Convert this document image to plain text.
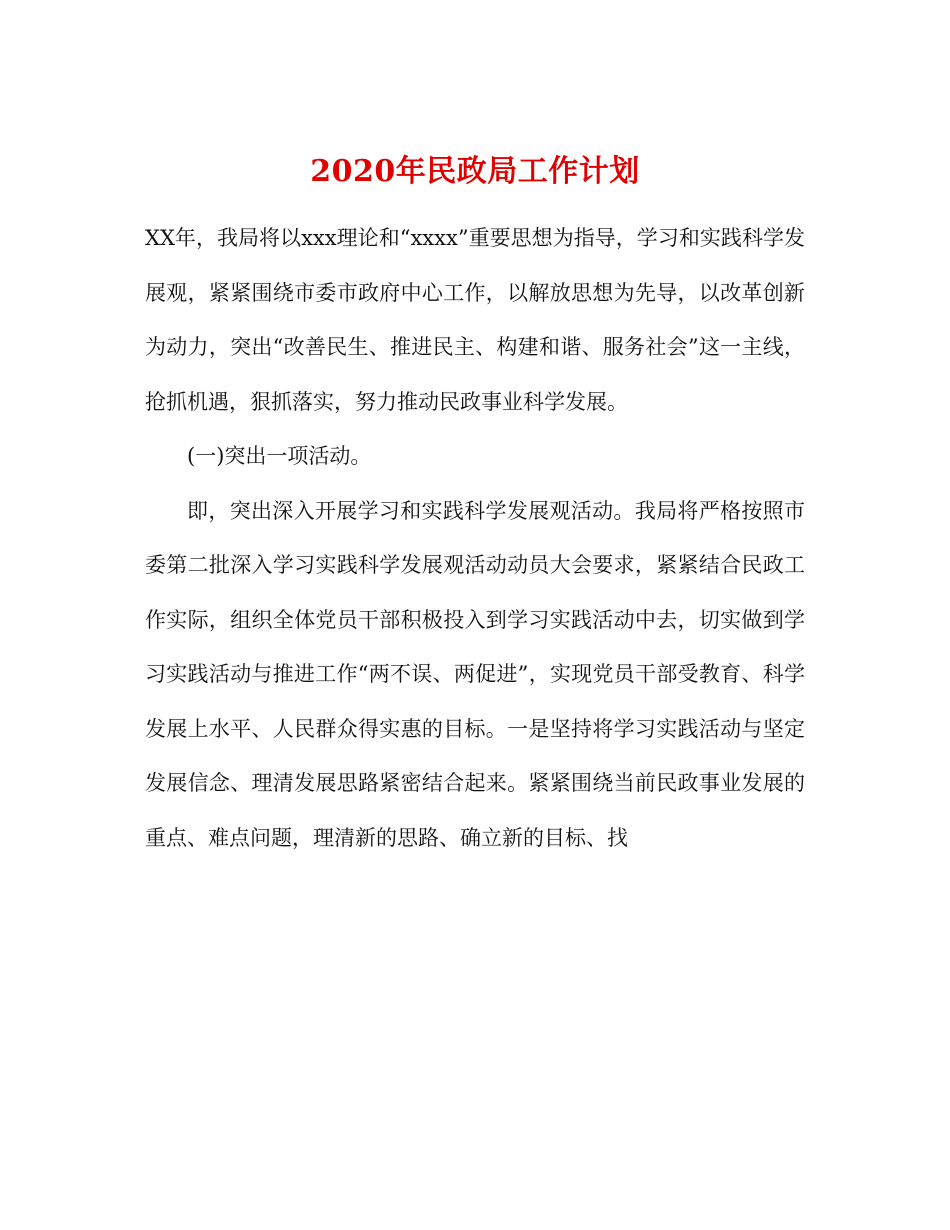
2020年民政局工作计划

XX年，我局将以xxx理论和“xxxx”重要思想为指导，学习和实践科学发展观，紧紧围绕市委市政府中心工作，以解放思想为先导，以改革创新为动力，突出“改善民生、推进民主、构建和谐、服务社会”这一主线，抢抓机遇，狠抓落实，努力推动民政事业科学发展。

(一)突出一项活动。

即，突出深入开展学习和实践科学发展观活动。我局将严格按照市委第二批深入学习实践科学发展观活动动员大会要求，紧紧结合民政工作实际，组织全体党员干部积极投入到学习实践活动中去，切实做到学习实践活动与推进工作“两不误、两促进”，实现党员干部受教育、科学发展上水平、人民群众得实惠的目标。一是坚持将学习实践活动与坚定发展信念、理清发展思路紧密结合起来。紧紧围绕当前民政事业发展的重点、难点问题，理清新的思路、确立新的目标、找
